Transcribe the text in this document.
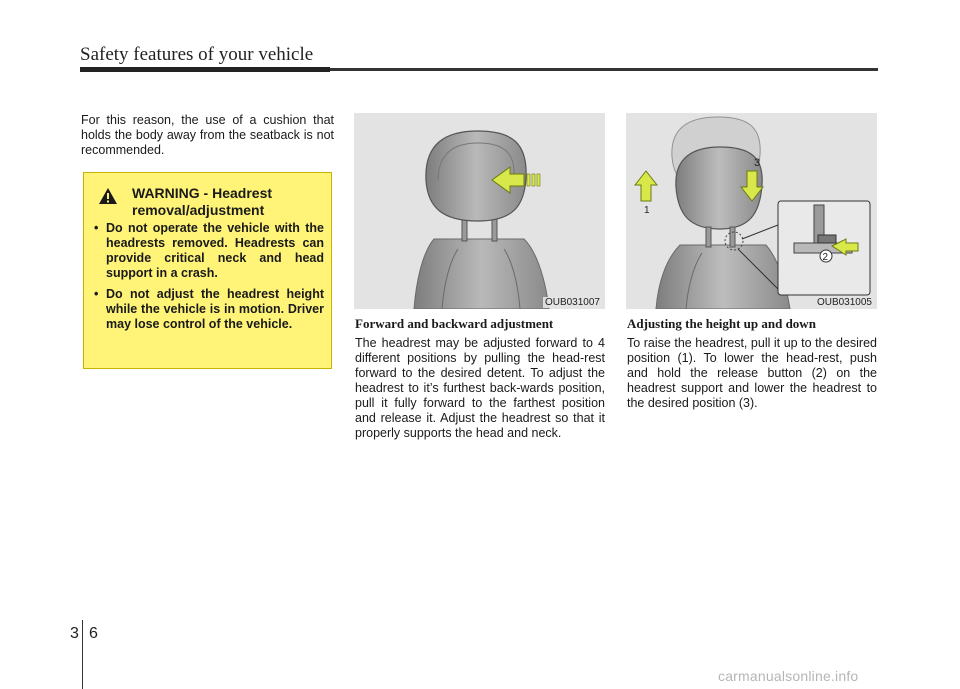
Safety features of your vehicle

For this reason, the use of a cushion that holds the body away from the seatback is not recommended.

WARNING - Headrest removal/adjustment
• Do not operate the vehicle with the headrests removed. Headrests can provide critical neck and head support in a crash.
• Do not adjust the headrest height while the vehicle is in motion. Driver may lose control of the vehicle.
OUB031007
1
3
2
OUB031005
Forward and backward adjustment

The headrest may be adjusted forward to 4 different positions by pulling the head-rest forward to the desired detent. To adjust the headrest to it’s furthest back-wards position, pull it fully forward to the farthest position and release it. Adjust the headrest so that it properly supports the head and neck.

Adjusting the height up and down

To raise the headrest, pull it up to the desired position (1). To lower the head-rest, push and hold the release button (2) on the headrest support and lower the headrest to the desired position (3).

3 6
carmanualsonline.info
